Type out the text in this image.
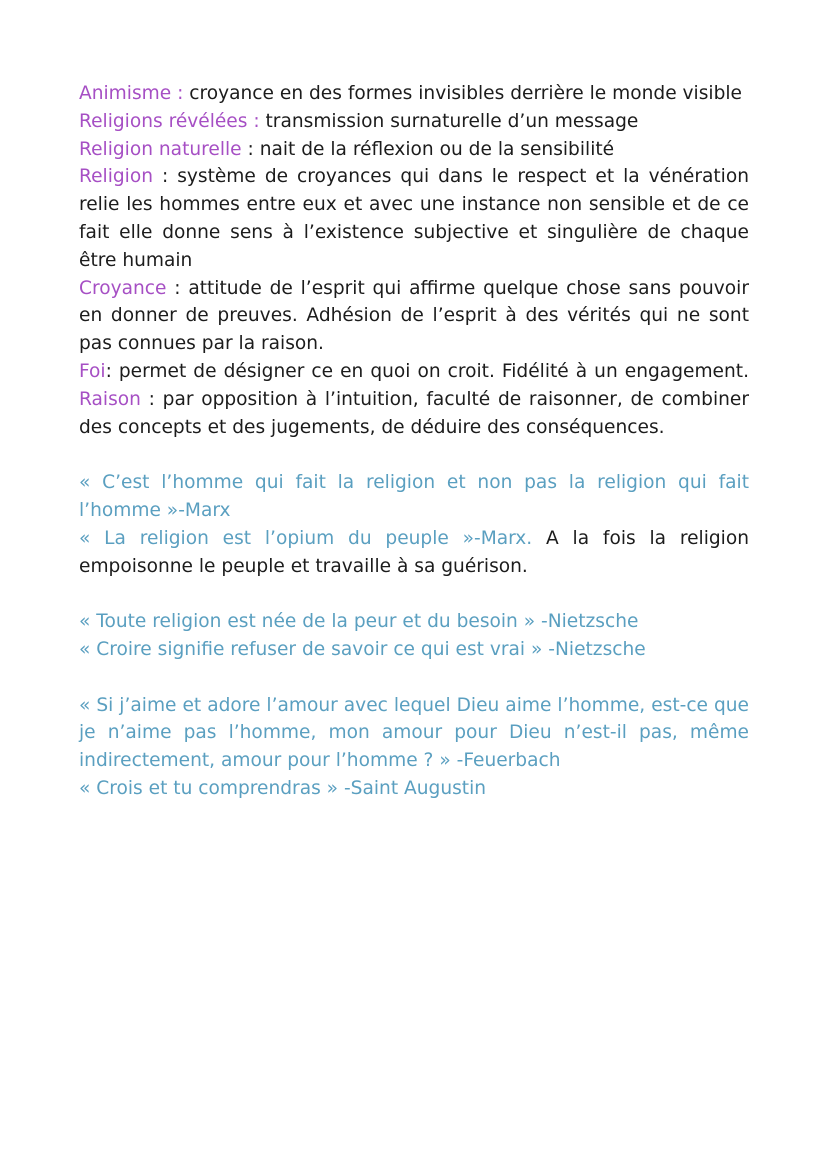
Animisme : croyance en des formes invisibles derrière le monde visible

Religions révélées : transmission surnaturelle d’un message

Religion naturelle : nait de la réflexion ou de la sensibilité

Religion : système de croyances qui dans le respect et la vénération relie les hommes entre eux et avec une instance non sensible et de ce fait elle donne sens à l’existence subjective et singulière de chaque être humain

Croyance : attitude de l’esprit qui affirme quelque chose sans pouvoir en donner de preuves. Adhésion de l’esprit à des vérités qui ne sont pas connues par la raison.

Foi: permet de désigner ce en quoi on croit. Fidélité à un engagement. Raison : par opposition à l’intuition, faculté de raisonner, de combiner des concepts et des jugements, de déduire des conséquences.

« C’est l’homme qui fait la religion et non pas la religion qui fait l’homme »-Marx

« La religion est l’opium du peuple »-Marx. A la fois la religion empoisonne le peuple et travaille à sa guérison.

« Toute religion est née de la peur et du besoin » -Nietzsche

« Croire signifie refuser de savoir ce qui est vrai » -Nietzsche

« Si j’aime et adore l’amour avec lequel Dieu aime l’homme, est-ce que je n’aime pas l’homme, mon amour pour Dieu n’est-il pas, même indirectement, amour pour l’homme ? » -Feuerbach

« Crois et tu comprendras » -Saint Augustin
